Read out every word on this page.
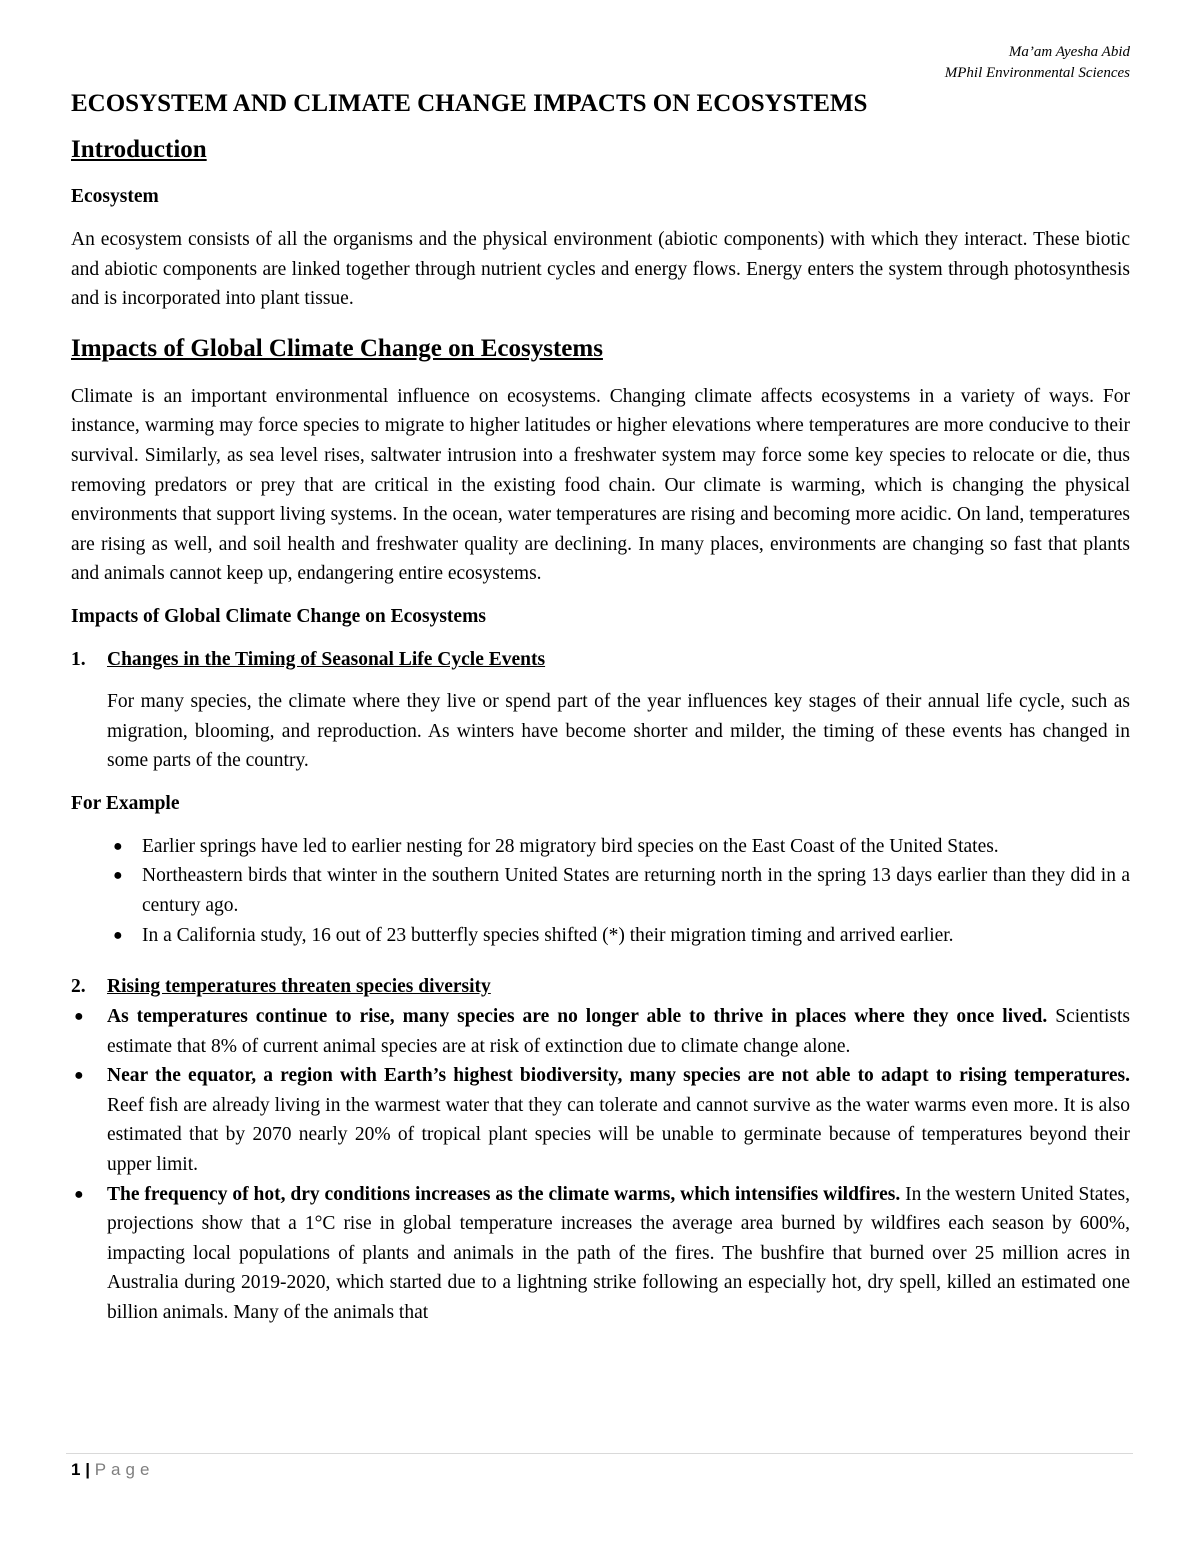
Ma’am Ayesha Abid
MPhil Environmental Sciences
ECOSYSTEM AND CLIMATE CHANGE IMPACTS ON ECOSYSTEMS
Introduction
Ecosystem

An ecosystem consists of all the organisms and the physical environment (abiotic components) with which they interact. These biotic and abiotic components are linked together through nutrient cycles and energy flows. Energy enters the system through photosynthesis and is incorporated into plant tissue.

Impacts of Global Climate Change on Ecosystems

Climate is an important environmental influence on ecosystems. Changing climate affects ecosystems in a variety of ways. For instance, warming may force species to migrate to higher latitudes or higher elevations where temperatures are more conducive to their survival. Similarly, as sea level rises, saltwater intrusion into a freshwater system may force some key species to relocate or die, thus removing predators or prey that are critical in the existing food chain. Our climate is warming, which is changing the physical environments that support living systems. In the ocean, water temperatures are rising and becoming more acidic. On land, temperatures are rising as well, and soil health and freshwater quality are declining. In many places, environments are changing so fast that plants and animals cannot keep up, endangering entire ecosystems.

Impacts of Global Climate Change on Ecosystems
1. Changes in the Timing of Seasonal Life Cycle Events

For many species, the climate where they live or spend part of the year influences key stages of their annual life cycle, such as migration, blooming, and reproduction. As winters have become shorter and milder, the timing of these events has changed in some parts of the country.

For Example
● Earlier springs have led to earlier nesting for 28 migratory bird species on the East Coast of the United States.
● Northeastern birds that winter in the southern United States are returning north in the spring 13 days earlier than they did in a century ago.
● In a California study, 16 out of 23 butterfly species shifted (*) their migration timing and arrived earlier.
2. Rising temperatures threaten species diversity
● As temperatures continue to rise, many species are no longer able to thrive in places where they once lived. Scientists estimate that 8% of current animal species are at risk of extinction due to climate change alone.
● Near the equator, a region with Earth’s highest biodiversity, many species are not able to adapt to rising temperatures. Reef fish are already living in the warmest water that they can tolerate and cannot survive as the water warms even more. It is also estimated that by 2070 nearly 20% of tropical plant species will be unable to germinate because of temperatures beyond their upper limit.
● The frequency of hot, dry conditions increases as the climate warms, which intensifies wildfires. In the western United States, projections show that a 1°C rise in global temperature increases the average area burned by wildfires each season by 600%, impacting local populations of plants and animals in the path of the fires. The bushfire that burned over 25 million acres in Australia during 2019-2020, which started due to a lightning strike following an especially hot, dry spell, killed an estimated one billion animals. Many of the animals that
1 | Page
